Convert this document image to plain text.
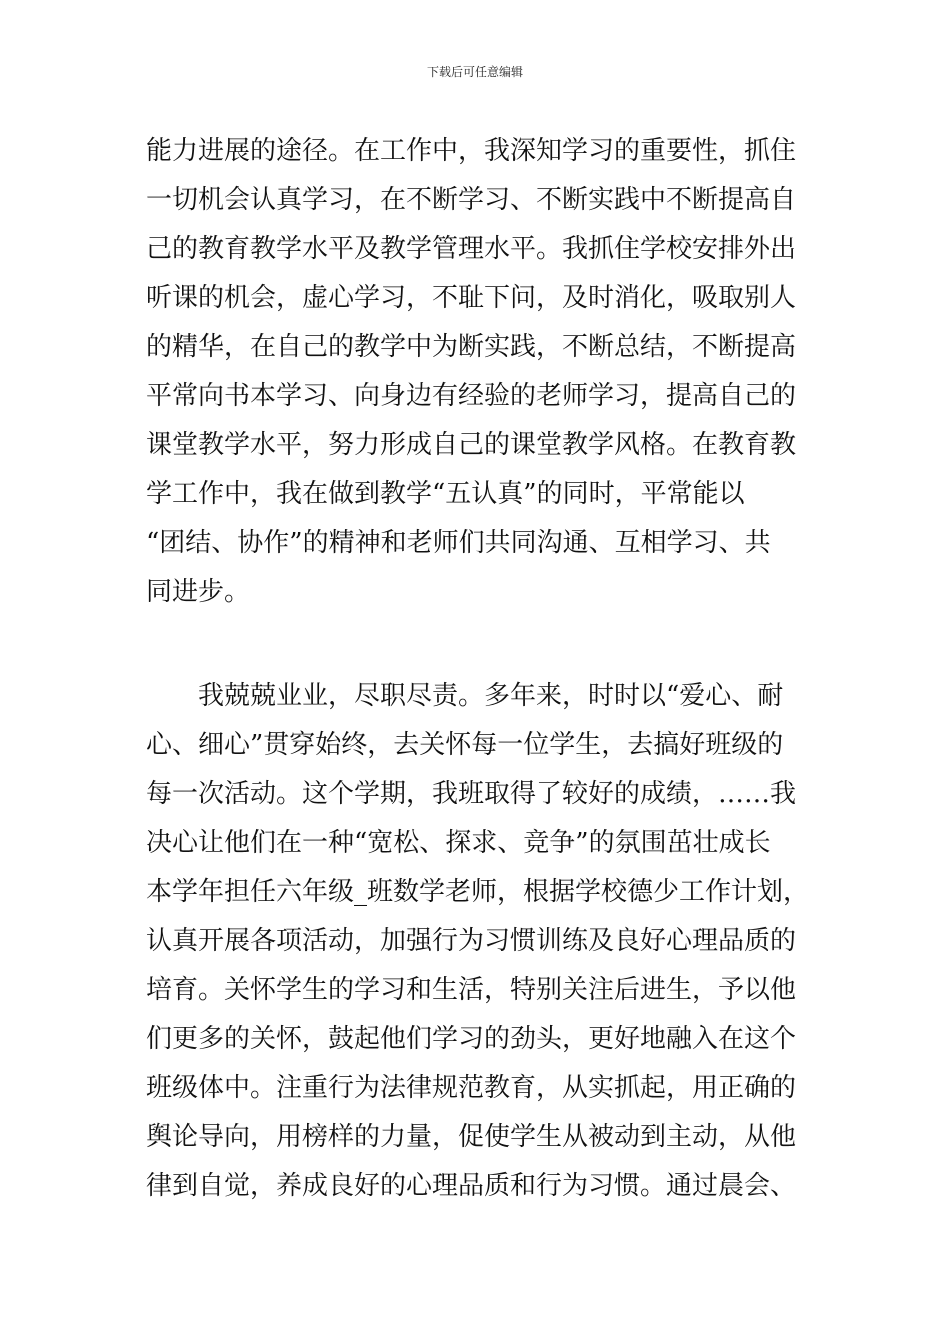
下载后可任意编辑
能力进展的途径。在工作中，我深知学习的重要性，抓住
一切机会认真学习，在不断学习、不断实践中不断提高自
己的教育教学水平及教学管理水平。我抓住学校安排外出
听课的机会，虚心学习，不耻下问，及时消化，吸取别人
的精华，在自己的教学中为断实践，不断总结，不断提高
平常向书本学习、向身边有经验的老师学习，提高自己的
课堂教学水平，努力形成自己的课堂教学风格。在教育教
学工作中，我在做到教学“五认真”的同时，平常能以
“团结、协作”的精神和老师们共同沟通、互相学习、共
同进步。
　　我兢兢业业，尽职尽责。多年来，时时以“爱心、耐
心、细心”贯穿始终，去关怀每一位学生，去搞好班级的
每一次活动。这个学期，我班取得了较好的成绩，……我
决心让他们在一种“宽松、探求、竞争”的氛围茁壮成长
本学年担任六年级_班数学老师，根据学校德少工作计划，
认真开展各项活动，加强行为习惯训练及良好心理品质的
培育。关怀学生的学习和生活，特别关注后进生，予以他
们更多的关怀，鼓起他们学习的劲头，更好地融入在这个
班级体中。注重行为法律规范教育，从实抓起，用正确的
舆论导向，用榜样的力量，促使学生从被动到主动，从他
律到自觉，养成良好的心理品质和行为习惯。通过晨会、
